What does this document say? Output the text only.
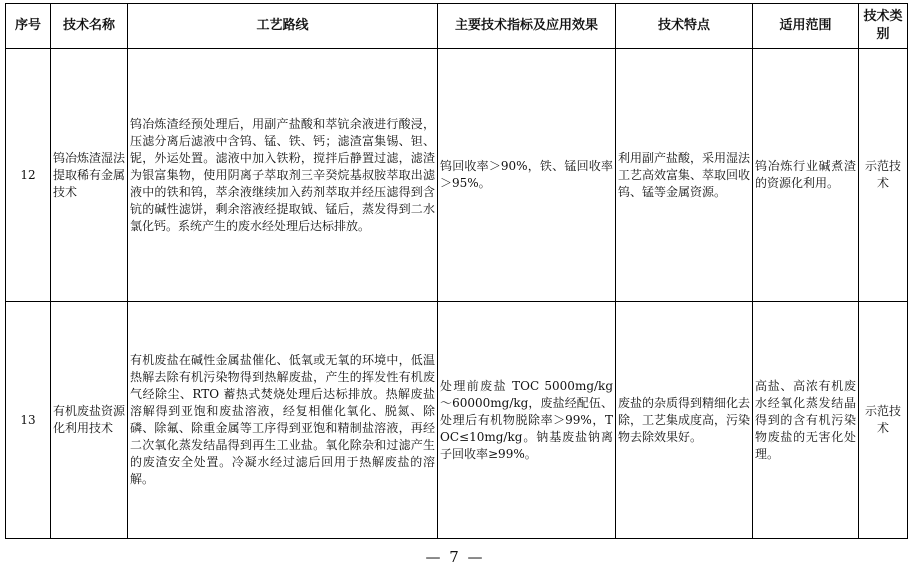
序号	技术名称	工艺路线	主要技术指标及应用效果	技术特点	适用范围	技术类别
12	钨冶炼渣湿法提取稀有金属技术	钨冶炼渣经预处理后，用副产盐酸和萃钪余液进行酸浸，压滤分离后滤液中含钨、锰、铁、钙；滤渣富集锡、钽、铌，外运处置。滤液中加入铁粉，搅拌后静置过滤，滤渣为银富集物，使用阴离子萃取剂三辛癸烷基叔胺萃取出滤液中的铁和钨，萃余液继续加入药剂萃取并经压滤得到含钪的碱性滤饼，剩余溶液经提取钺、锰后，蒸发得到二水氯化钙。系统产生的废水经处理后达标排放。	钨回收率＞90%，铁、锰回收率＞95%。	利用副产盐酸，采用湿法工艺高效富集、萃取回收钨、锰等金属资源。	钨冶炼行业碱煮渣的资源化利用。	示范技术
13	有机废盐资源化利用技术	有机废盐在碱性金属盐催化、低氧或无氧的环境中，低温热解去除有机污染物得到热解废盐，产生的挥发性有机废气经除尘、RTO 蓄热式焚烧处理后达标排放。热解废盐溶解得到亚饱和废盐溶液，经复相催化氧化、脱氮、除磷、除氟、除重金属等工序得到亚饱和精制盐溶液，再经二次氧化蒸发结晶得到再生工业盐。氧化除杂和过滤产生的废渣安全处置。冷凝水经过滤后回用于热解废盐的溶解。	处理前废盐 TOC 5000mg/kg～60000mg/kg，废盐经配伍、处理后有机物脱除率＞99%，TOC≤10mg/kg。钠基废盐钠离子回收率≥99%。	废盐的杂质得到精细化去除，工艺集成度高，污染物去除效果好。	高盐、高浓有机废水经氧化蒸发结晶得到的含有机污染物废盐的无害化处理。	示范技术
— 7 —
